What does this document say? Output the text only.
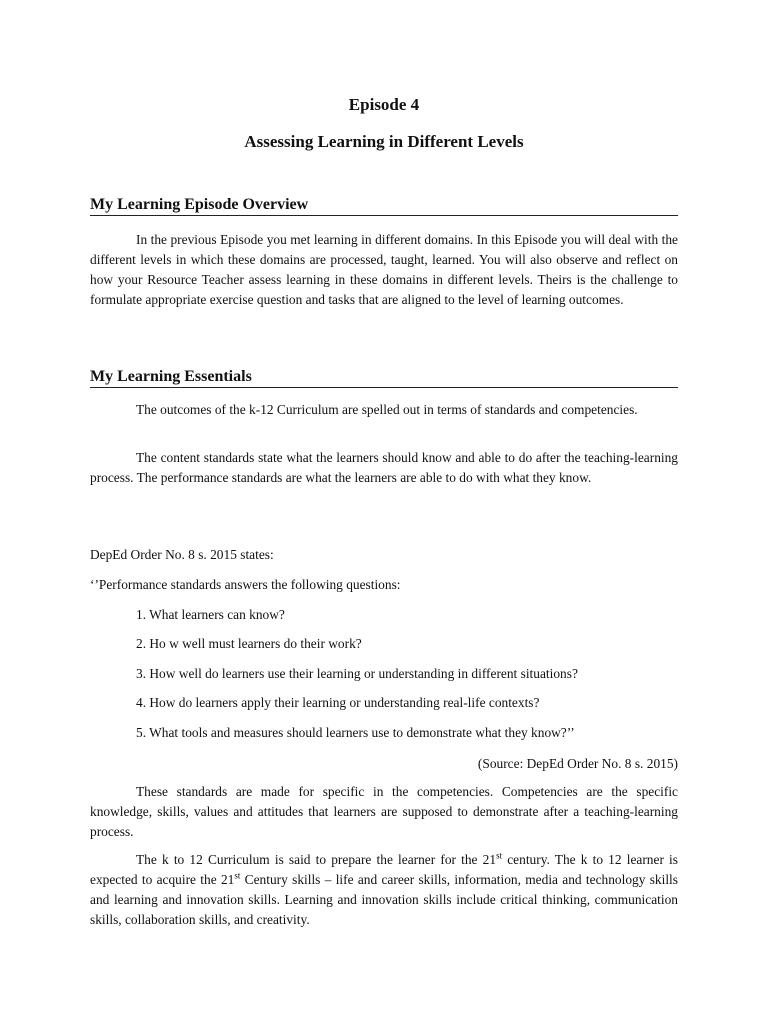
Episode 4
Assessing Learning in Different Levels
My Learning Episode Overview

In the previous Episode you met learning in different domains. In this Episode you will deal with the different levels in which these domains are processed, taught, learned. You will also observe and reflect on how your Resource Teacher assess learning in these domains in different levels. Theirs is the challenge to formulate appropriate exercise question and tasks that are aligned to the level of learning outcomes.

My Learning Essentials

The outcomes of the k-12 Curriculum are spelled out in terms of standards and competencies.

The content standards state what the learners should know and able to do after the teaching-learning process. The performance standards are what the learners are able to do with what they know.

DepEd Order No. 8 s. 2015 states:

‘’Performance standards answers the following questions:

1. What learners can know?

2. Ho w well must learners do their work?

3. How well do learners use their learning or understanding in different situations?

4. How do learners apply their learning or understanding real-life contexts?

5. What tools and measures should learners use to demonstrate what they know?’’

(Source: DepEd Order No. 8 s. 2015)

These standards are made for specific in the competencies. Competencies are the specific knowledge, skills, values and attitudes that learners are supposed to demonstrate after a teaching-learning process.

The k to 12 Curriculum is said to prepare the learner for the 21st century. The k to 12 learner is expected to acquire the 21st Century skills – life and career skills, information, media and technology skills and learning and innovation skills. Learning and innovation skills include critical thinking, communication skills, collaboration skills, and creativity.
